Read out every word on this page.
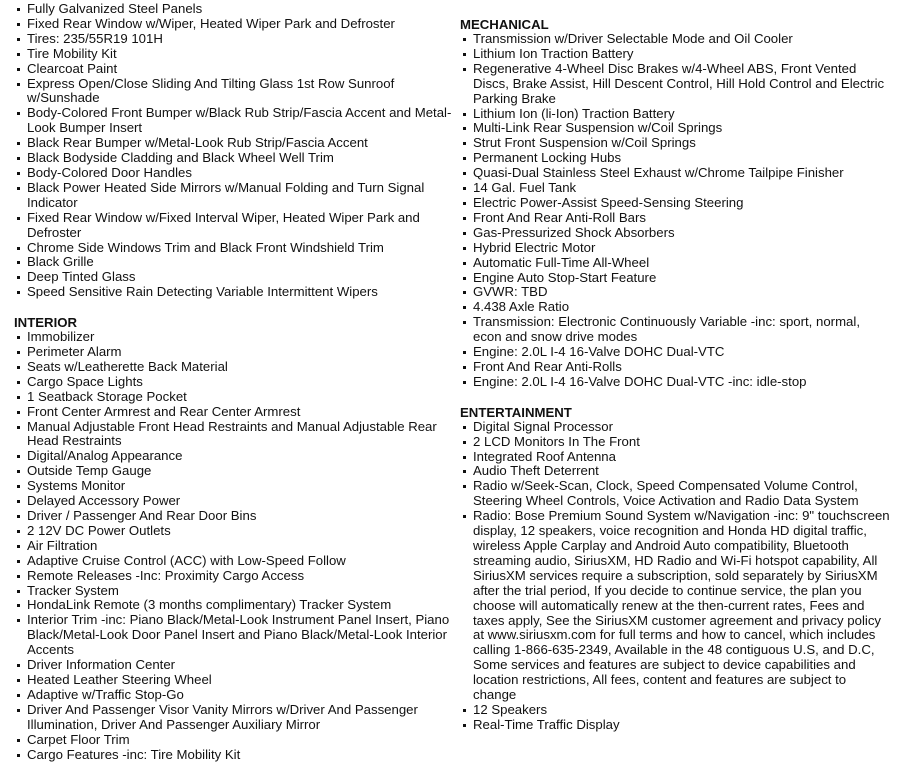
Fully Galvanized Steel Panels
Fixed Rear Window w/Wiper, Heated Wiper Park and Defroster
Tires: 235/55R19 101H
Tire Mobility Kit
Clearcoat Paint
Express Open/Close Sliding And Tilting Glass 1st Row Sunroof w/Sunshade
Body-Colored Front Bumper w/Black Rub Strip/Fascia Accent and Metal-Look Bumper Insert
Black Rear Bumper w/Metal-Look Rub Strip/Fascia Accent
Black Bodyside Cladding and Black Wheel Well Trim
Body-Colored Door Handles
Black Power Heated Side Mirrors w/Manual Folding and Turn Signal Indicator
Fixed Rear Window w/Fixed Interval Wiper, Heated Wiper Park and Defroster
Chrome Side Windows Trim and Black Front Windshield Trim
Black Grille
Deep Tinted Glass
Speed Sensitive Rain Detecting Variable Intermittent Wipers
INTERIOR
Immobilizer
Perimeter Alarm
Seats w/Leatherette Back Material
Cargo Space Lights
1 Seatback Storage Pocket
Front Center Armrest and Rear Center Armrest
Manual Adjustable Front Head Restraints and Manual Adjustable Rear Head Restraints
Digital/Analog Appearance
Outside Temp Gauge
Systems Monitor
Delayed Accessory Power
Driver / Passenger And Rear Door Bins
2 12V DC Power Outlets
Air Filtration
Adaptive Cruise Control (ACC) with Low-Speed Follow
Remote Releases -Inc: Proximity Cargo Access
Tracker System
HondaLink Remote (3 months complimentary) Tracker System
Interior Trim -inc: Piano Black/Metal-Look Instrument Panel Insert, Piano Black/Metal-Look Door Panel Insert and Piano Black/Metal-Look Interior Accents
Driver Information Center
Heated Leather Steering Wheel
Adaptive w/Traffic Stop-Go
Driver And Passenger Visor Vanity Mirrors w/Driver And Passenger Illumination, Driver And Passenger Auxiliary Mirror
Carpet Floor Trim
Cargo Features -inc: Tire Mobility Kit
MECHANICAL
Transmission w/Driver Selectable Mode and Oil Cooler
Lithium Ion Traction Battery
Regenerative 4-Wheel Disc Brakes w/4-Wheel ABS, Front Vented Discs, Brake Assist, Hill Descent Control, Hill Hold Control and Electric Parking Brake
Lithium Ion (li-Ion) Traction Battery
Multi-Link Rear Suspension w/Coil Springs
Strut Front Suspension w/Coil Springs
Permanent Locking Hubs
Quasi-Dual Stainless Steel Exhaust w/Chrome Tailpipe Finisher
14 Gal. Fuel Tank
Electric Power-Assist Speed-Sensing Steering
Front And Rear Anti-Roll Bars
Gas-Pressurized Shock Absorbers
Hybrid Electric Motor
Automatic Full-Time All-Wheel
Engine Auto Stop-Start Feature
GVWR: TBD
4.438 Axle Ratio
Transmission: Electronic Continuously Variable -inc: sport, normal, econ and snow drive modes
Engine: 2.0L I-4 16-Valve DOHC Dual-VTC
Front And Rear Anti-Rolls
Engine: 2.0L I-4 16-Valve DOHC Dual-VTC -inc: idle-stop
ENTERTAINMENT
Digital Signal Processor
2 LCD Monitors In The Front
Integrated Roof Antenna
Audio Theft Deterrent
Radio w/Seek-Scan, Clock, Speed Compensated Volume Control, Steering Wheel Controls, Voice Activation and Radio Data System
Radio: Bose Premium Sound System w/Navigation -inc: 9" touchscreen display, 12 speakers, voice recognition and Honda HD digital traffic, wireless Apple Carplay and Android Auto compatibility, Bluetooth streaming audio, SiriusXM, HD Radio and Wi-Fi hotspot capability, All SiriusXM services require a subscription, sold separately by SiriusXM after the trial period, If you decide to continue service, the plan you choose will automatically renew at the then-current rates, Fees and taxes apply, See the SiriusXM customer agreement and privacy policy at www.siriusxm.com for full terms and how to cancel, which includes calling 1-866-635-2349, Available in the 48 contiguous U.S, and D.C, Some services and features are subject to device capabilities and location restrictions, All fees, content and features are subject to change
12 Speakers
Real-Time Traffic Display
